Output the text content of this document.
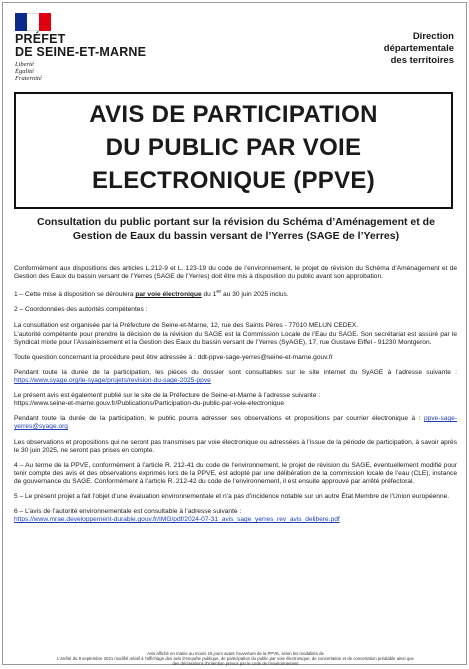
PRÉFET
DE SEINE-ET-MARNE
Liberté
Égalité
Fraternité
Direction
départementale
des territoires
AVIS DE PARTICIPATION
DU PUBLIC PAR VOIE
ELECTRONIQUE (PPVE)
Consultation du public portant sur la révision du Schéma d’Aménagement et de Gestion de Eaux du bassin versant de l’Yerres (SAGE de l’Yerres)

Conformément aux dispositions des articles L.212-9 et L. 123-19 du code de l’environnement, le projet de révision du Schéma d’Aménagement et de Gestion des Eaux du bassin versant de l’Yerres (SAGE de l’Yerres) doit être mis à disposition du public avant son approbation.

1 – Cette mise à disposition se déroulera par voie électronique du 1er au 30 juin 2025 inclus.

2 – Coordonnées des autorités compétentes :

La consultation est organisée par la Préfecture de Seine-et-Marne, 12, rue des Saints Pères - 77010 MELUN CEDEX.

L’autorité compétente pour prendre la décision de la révision du SAGE est la Commission Locale de l’Eau du SAGE. Son secrétariat est assuré par le Syndicat mixte pour l’Assainissement et la Gestion des Eaux du bassin versant de l’Yerres (SyAGE), 17, rue Gustave Eiffel - 91230 Montgeron.

Toute question concernant la procédure peut être adressée à : ddt-ppve-sage-yerres@seine-et-marne.gouv.fr

Pendant toute la durée de la participation, les pièces du dossier sont consultables sur le site internet du SyAGE à l’adresse suivante : https://www.syage.org/le-syage/projets/revision-du-sage-2025-ppve

Le présent avis est également publié sur le site de la Préfecture de Seine-et-Marne à l’adresse suivante :
https://www.seine-et-marne.gouv.fr/Publications/Participation-du-public-par-voie-electronique

Pendant toute la durée de la participation, le public pourra adresser ses observations et propositions par courrier électronique à : ppve-sage-yerres@syage.org

Les observations et propositions qui ne seront pas transmises par voie électronique ou adressées à l’issue de la période de participation, à savoir après le 30 juin 2025, ne seront pas prises en compte.

4 – Au terme de la PPVE, conformément à l’article R. 212-41 du code de l’environnement, le projet de révision du SAGE, éventuellement modifié pour tenir compte des avis et des observations exprimés lors de la PPVE, est adopté par une délibération de la commission locale de l’eau (CLE), instance de gouvernance du SAGE. Conformément à l’article R. 212-42 du code de l’environnement, il est ensuite approuvé par arrêté préfectoral.

5 – Le présent projet a fait l’objet d’une évaluation environnementale et n’a pas d’incidence notable sur un autre État Membre de l’Union européenne.

6 – L’avis de l’autorité environnementale est consultable à l’adresse suivante :
https://www.mrae.developpement-durable.gouv.fr/IMG/pdf/2024-07-31_avis_sage_yerres_rev_avis_delibere.pdf

Avis affiché en mairie au moins 15 jours avant l’ouverture de la PPVE, selon les modalités de
L’arrêté du 9 septembre 2021 modifié relatif à l’affichage des avis d’enquête publique, de participation du public par voie électronique, de concertation et de concertation préalable ainsi que
des déclarations d’intention prévus par le code de l’environnement
